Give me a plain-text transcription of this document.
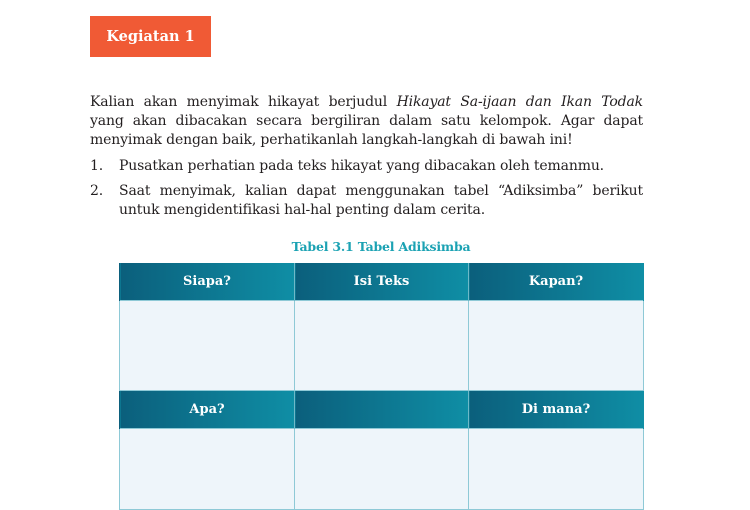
Kegiatan 1

Kalian akan menyimak hikayat berjudul Hikayat Sa-ijaan dan Ikan Todak
yang akan dibacakan secara bergiliran dalam satu kelompok. Agar dapat
menyimak dengan baik, perhatikanlah langkah-langkah di bawah ini!

1. Pusatkan perhatian pada teks hikayat yang dibacakan oleh temanmu.
2. Saat menyimak, kalian dapat menggunakan tabel “Adiksimba” berikut
untuk mengidentifikasi hal-hal penting dalam cerita.
Tabel 3.1 Tabel Adiksimba
Siapa?	Isi Teks	Kapan?

Apa?		Di mana?
